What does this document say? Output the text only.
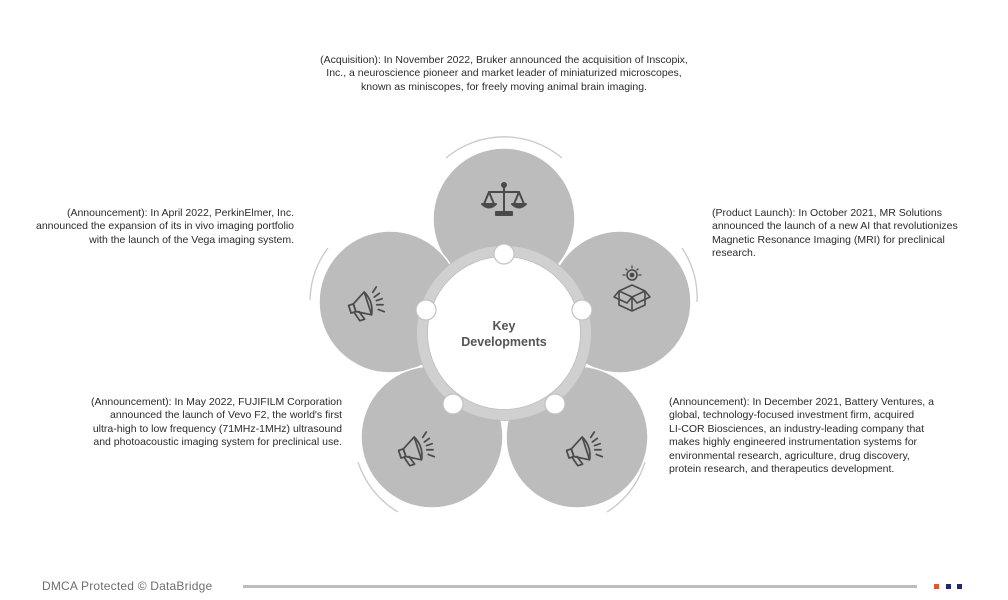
Key
Developments
(Acquisition): In November 2022, Bruker announced the acquisition of Inscopix,
Inc., a neuroscience pioneer and market leader of miniaturized microscopes,
known as miniscopes, for freely moving animal brain imaging.
(Product Launch): In October 2021, MR Solutions
announced the launch of a new AI that revolutionizes
Magnetic Resonance Imaging (MRI) for preclinical
research.
(Announcement): In December 2021, Battery Ventures, a
global, technology-focused investment firm, acquired
LI-COR Biosciences, an industry-leading company that
makes highly engineered instrumentation systems for
environmental research, agriculture, drug discovery,
protein research, and therapeutics development.
(Announcement): In May 2022, FUJIFILM Corporation
announced the launch of Vevo F2, the world's first
ultra-high to low frequency (71MHz-1MHz) ultrasound
and photoacoustic imaging system for preclinical use.
(Announcement): In April 2022, PerkinElmer, Inc.
announced the expansion of its in vivo imaging portfolio
with the launch of the Vega imaging system.
DMCA Protected © DataBridge
